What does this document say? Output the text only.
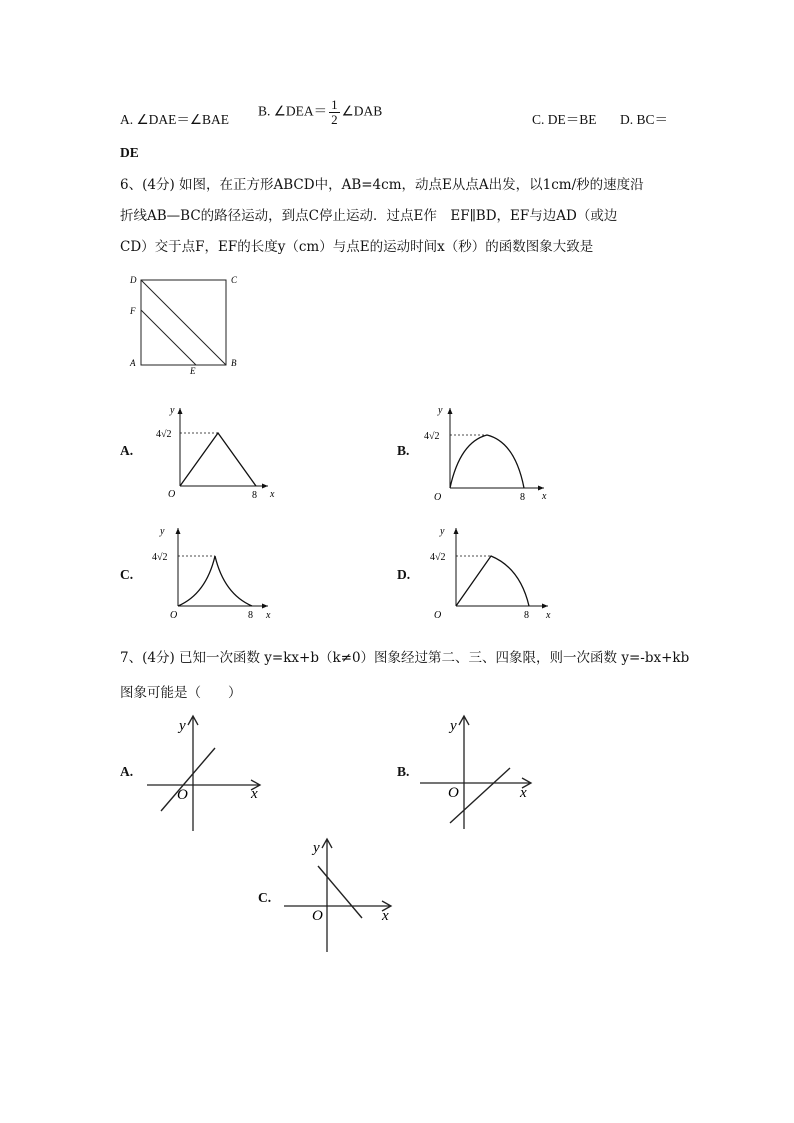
A. ∠DAE＝∠BAE
B. ∠DEA＝ $\frac{1}{2}$ ∠DAB
C. DE＝BE D. BC＝
DE
6、(4分) 如图，在正方形ABCD中，AB=4cm，动点E从点A出发，以1cm/秒的速度沿
折线AB—BC的路径运动，到点C停止运动．过点E作　EF∥BD，EF与边AD（或边
CD）交于点F，EF的长度y（cm）与点E的运动时间x（秒）的函数图象大致是
D	C
F
A	B
E
A.
y
x
O
4√2
8
B.
y
x
O
4√2
8
C.
y
x
O
4√2
8
D.
y
x
O
4√2
8
7、(4分) 已知一次函数 y=kx+b（k≠0）图象经过第二、三、四象限，则一次函数 y=-bx+kb
图象可能是（　　）
A.
y
x
O
B.
y
x
O
C.
y
x
O
